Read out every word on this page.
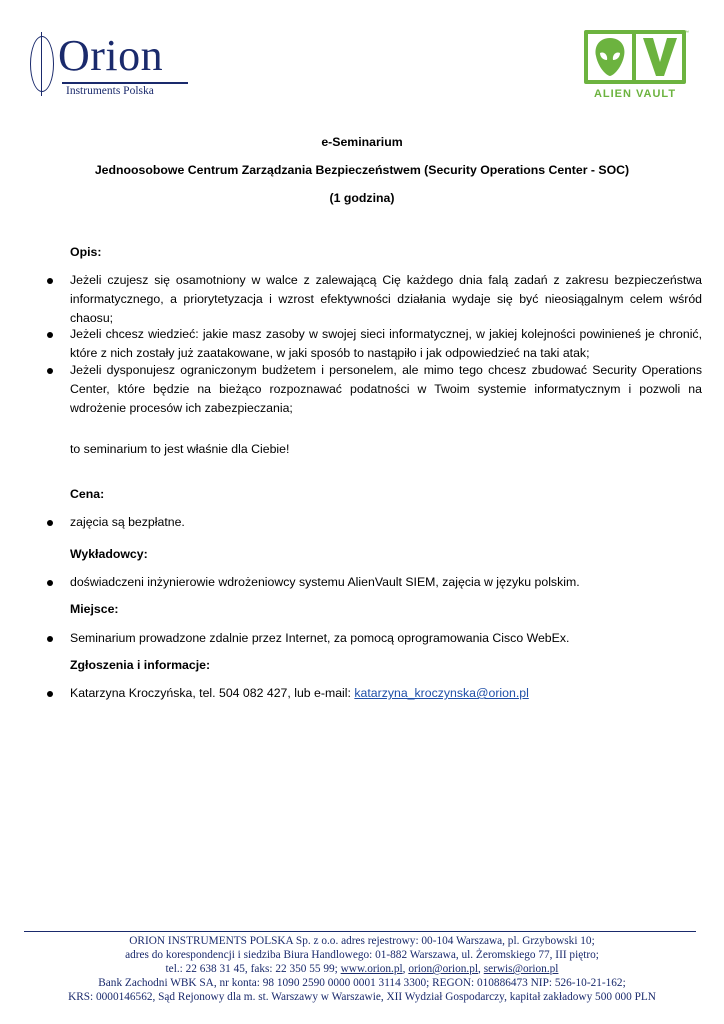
Orion
Instruments Polska
™
ALIEN VAULT
e-Seminarium
Jednoosobowe Centrum Zarządzania Bezpieczeństwem (Security Operations Center - SOC)
(1 godzina)
Opis:
Jeżeli czujesz się osamotniony w walce z zalewającą Cię każdego dnia falą zadań z zakresu bezpieczeństwa
informatycznego, a priorytetyzacja i wzrost efektywności działania wydaje się być nieosiągalnym celem wśród
chaosu;
Jeżeli chcesz wiedzieć: jakie masz zasoby w swojej sieci informatycznej, w jakiej kolejności powinieneś je chronić,
które z nich zostały już zaatakowane, w jaki sposób to nastąpiło i jak odpowiedzieć na taki atak;
Jeżeli dysponujesz ograniczonym budżetem i personelem, ale mimo tego chcesz zbudować Security Operations
Center, które będzie na bieżąco rozpoznawać podatności w Twoim systemie informatycznym i pozwoli na
wdrożenie procesów ich zabezpieczania;
to seminarium to jest właśnie dla Ciebie!
Cena:
zajęcia są bezpłatne.
Wykładowcy:
doświadczeni inżynierowie wdrożeniowcy systemu AlienVault SIEM, zajęcia w języku polskim.
Miejsce:
Seminarium prowadzone zdalnie przez Internet, za pomocą oprogramowania Cisco WebEx.
Zgłoszenia i informacje:
Katarzyna Kroczyńska, tel. 504 082 427, lub e-mail: katarzyna_kroczynska@orion.pl
ORION INSTRUMENTS POLSKA Sp. z o.o. adres rejestrowy: 00-104 Warszawa, pl. Grzybowski 10;
adres do korespondencji i siedziba Biura Handlowego: 01-882 Warszawa, ul. Żeromskiego 77, III piętro;
tel.: 22 638 31 45, faks: 22 350 55 99; www.orion.pl, orion@orion.pl, serwis@orion.pl
Bank Zachodni WBK SA, nr konta: 98 1090 2590 0000 0001 3114 3300; REGON: 010886473 NIP: 526-10-21-162;
KRS: 0000146562, Sąd Rejonowy dla m. st. Warszawy w Warszawie, XII Wydział Gospodarczy, kapitał zakładowy 500 000 PLN
